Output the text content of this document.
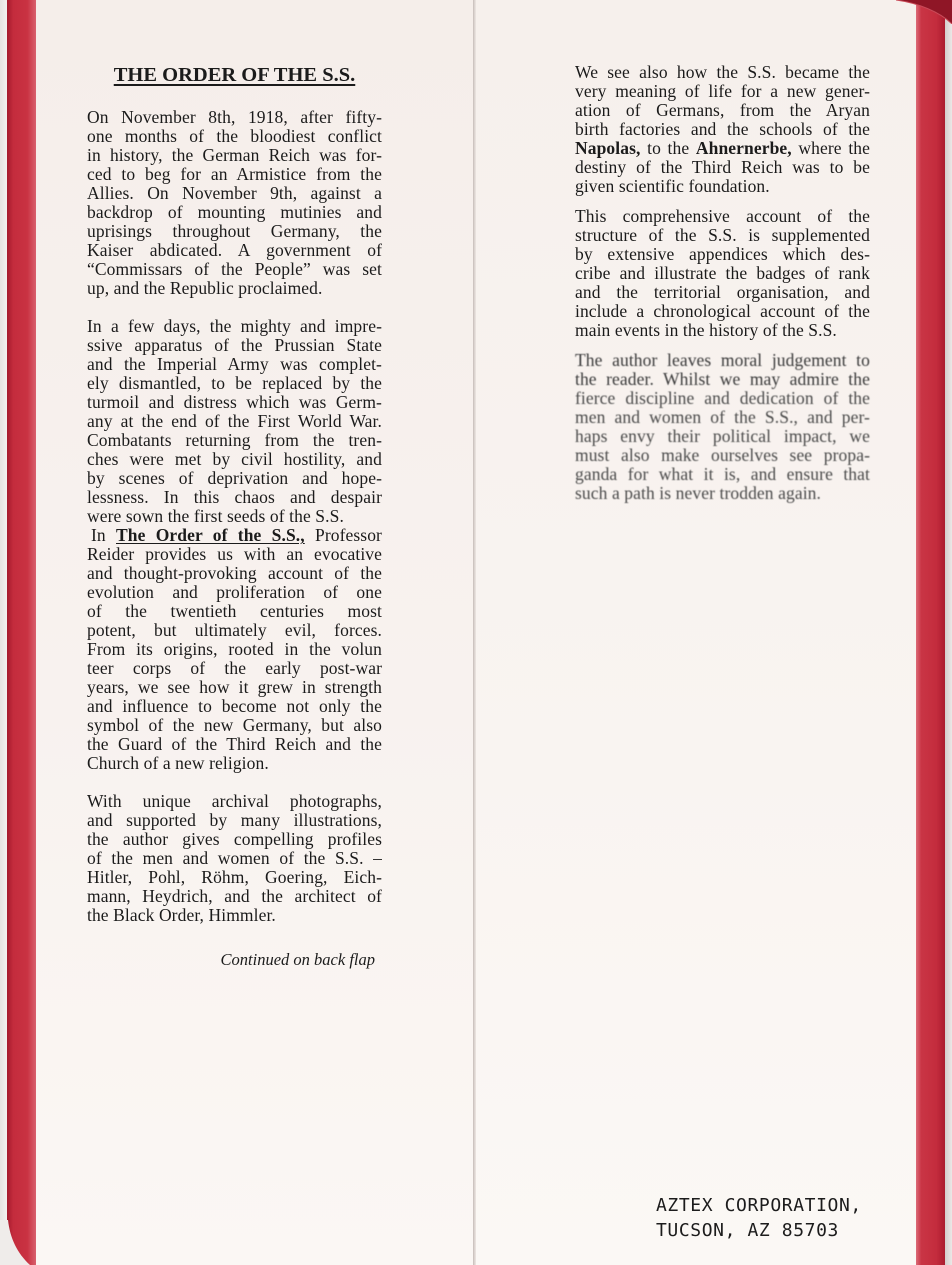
THE ORDER OF THE S.S.
On November 8th, 1918, after fifty-
one months of the bloodiest conflict
in history, the German Reich was for-
ced to beg for an Armistice from the
Allies. On November 9th, against a
backdrop of mounting mutinies and
uprisings throughout Germany, the
Kaiser abdicated. A government of
“Commissars of the People” was set
up, and the Republic proclaimed.
In a few days, the mighty and impre-
ssive apparatus of the Prussian State
and the Imperial Army was complet-
ely dismantled, to be replaced by the
turmoil and distress which was Germ-
any at the end of the First World War.
Combatants returning from the tren-
ches were met by civil hostility, and
by scenes of deprivation and hope-
lessness. In this chaos and despair
were sown the first seeds of the S.S.
In The Order of the S.S., Professor
Reider provides us with an evocative
and thought-provoking account of the
evolution and proliferation of one
of the twentieth centuries most
potent, but ultimately evil, forces.
From its origins, rooted in the volun
teer corps of the early post-war
years, we see how it grew in strength
and influence to become not only the
symbol of the new Germany, but also
the Guard of the Third Reich and the
Church of a new religion.
With unique archival photographs,
and supported by many illustrations,
the author gives compelling profiles
of the men and women of the S.S. –
Hitler, Pohl, Röhm, Goering, Eich-
mann, Heydrich, and the architect of
the Black Order, Himmler.
Continued on back flap
We see also how the S.S. became the
very meaning of life for a new gener-
ation of Germans, from the Aryan
birth factories and the schools of the
Napolas, to the Ahnernerbe, where the
destiny of the Third Reich was to be
given scientific foundation.
This comprehensive account of the
structure of the S.S. is supplemented
by extensive appendices which des-
cribe and illustrate the badges of rank
and the territorial organisation, and
include a chronological account of the
main events in the history of the S.S.
The author leaves moral judgement to
the reader. Whilst we may admire the
fierce discipline and dedication of the
men and women of the S.S., and per-
haps envy their political impact, we
must also make ourselves see propa-
ganda for what it is, and ensure that
such a path is never trodden again.
AZTEX CORPORATION,
TUCSON, AZ 85703
